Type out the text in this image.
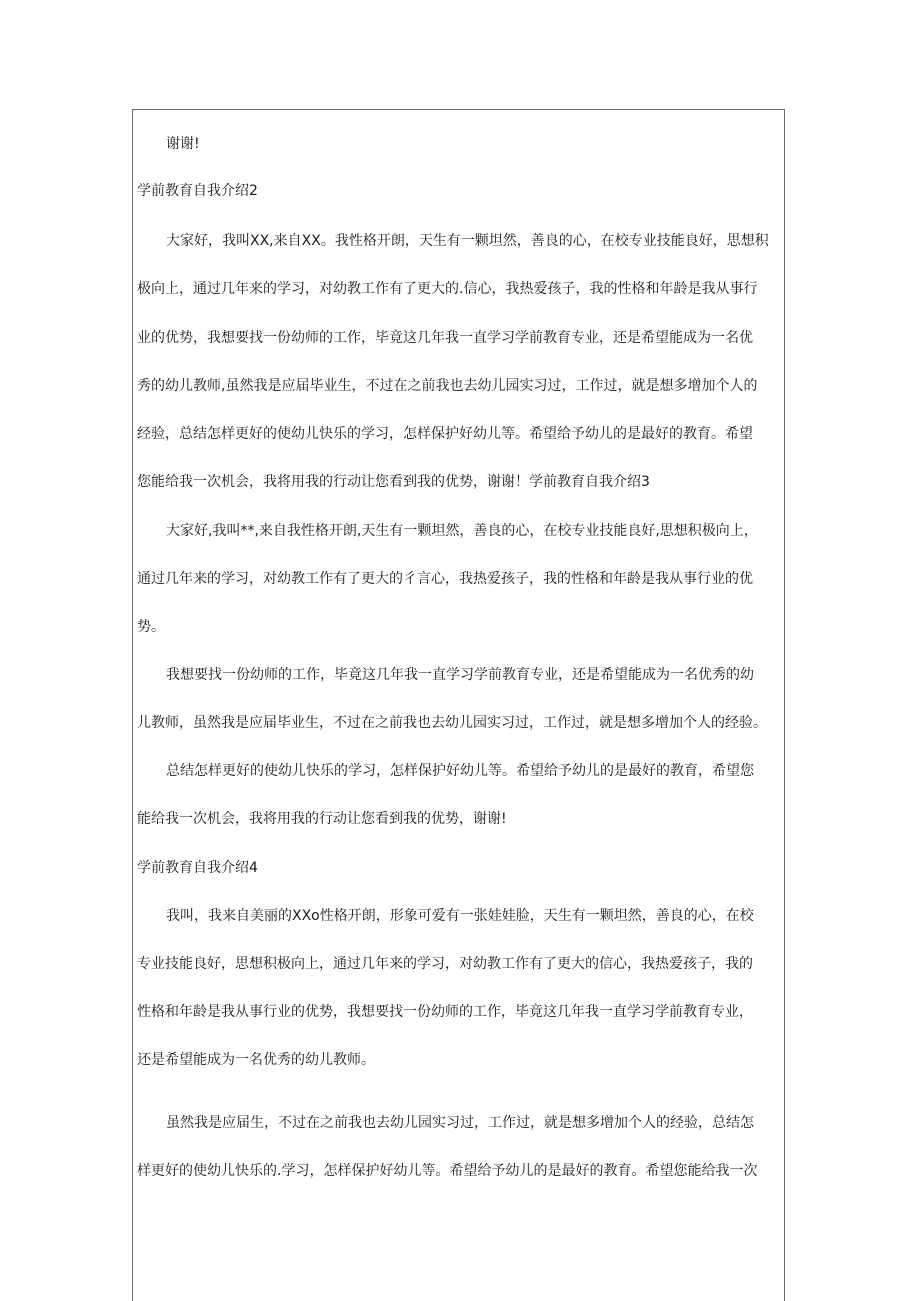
谢谢!
学前教育自我介绍2
大家好，我叫XX,来自XX。我性格开朗，天生有一颗坦然，善良的心，在校专业技能良好，思想积
极向上，通过几年来的学习，对幼教工作有了更大的.信心，我热爱孩子，我的性格和年龄是我从事行
业的优势，我想要找一份幼师的工作，毕竟这几年我一直学习学前教育专业，还是希望能成为一名优
秀的幼儿教师,虽然我是应届毕业生，不过在之前我也去幼儿园实习过，工作过，就是想多增加个人的
经验，总结怎样更好的使幼儿快乐的学习，怎样保护好幼儿等。希望给予幼儿的是最好的教育。希望
您能给我一次机会，我将用我的行动让您看到我的优势，谢谢！学前教育自我介绍3
大家好,我叫**,来自我性格开朗,天生有一颗坦然，善良的心，在校专业技能良好,思想积极向上，
通过几年来的学习，对幼教工作有了更大的彳言心，我热爱孩子，我的性格和年龄是我从事行业的优
势。
我想要找一份幼师的工作，毕竟这几年我一直学习学前教育专业，还是希望能成为一名优秀的幼
儿教师，虽然我是应届毕业生，不过在之前我也去幼儿园实习过，工作过，就是想多增加个人的经验。
总结怎样更好的使幼儿快乐的学习，怎样保护好幼儿等。希望给予幼儿的是最好的教育，希望您
能给我一次机会，我将用我的行动让您看到我的优势，谢谢!
学前教育自我介绍4
我叫，我来自美丽的XXo性格开朗，形象可爱有一张娃娃脸，天生有一颗坦然，善良的心，在校
专业技能良好，思想积极向上，通过几年来的学习，对幼教工作有了更大的信心，我热爱孩子，我的
性格和年龄是我从事行业的优势，我想要找一份幼师的工作，毕竟这几年我一直学习学前教育专业，
还是希望能成为一名优秀的幼儿教师。
虽然我是应届生，不过在之前我也去幼儿园实习过，工作过，就是想多增加个人的经验，总结怎
样更好的使幼儿快乐的.学习，怎样保护好幼儿等。希望给予幼儿的是最好的教育。希望您能给我一次
